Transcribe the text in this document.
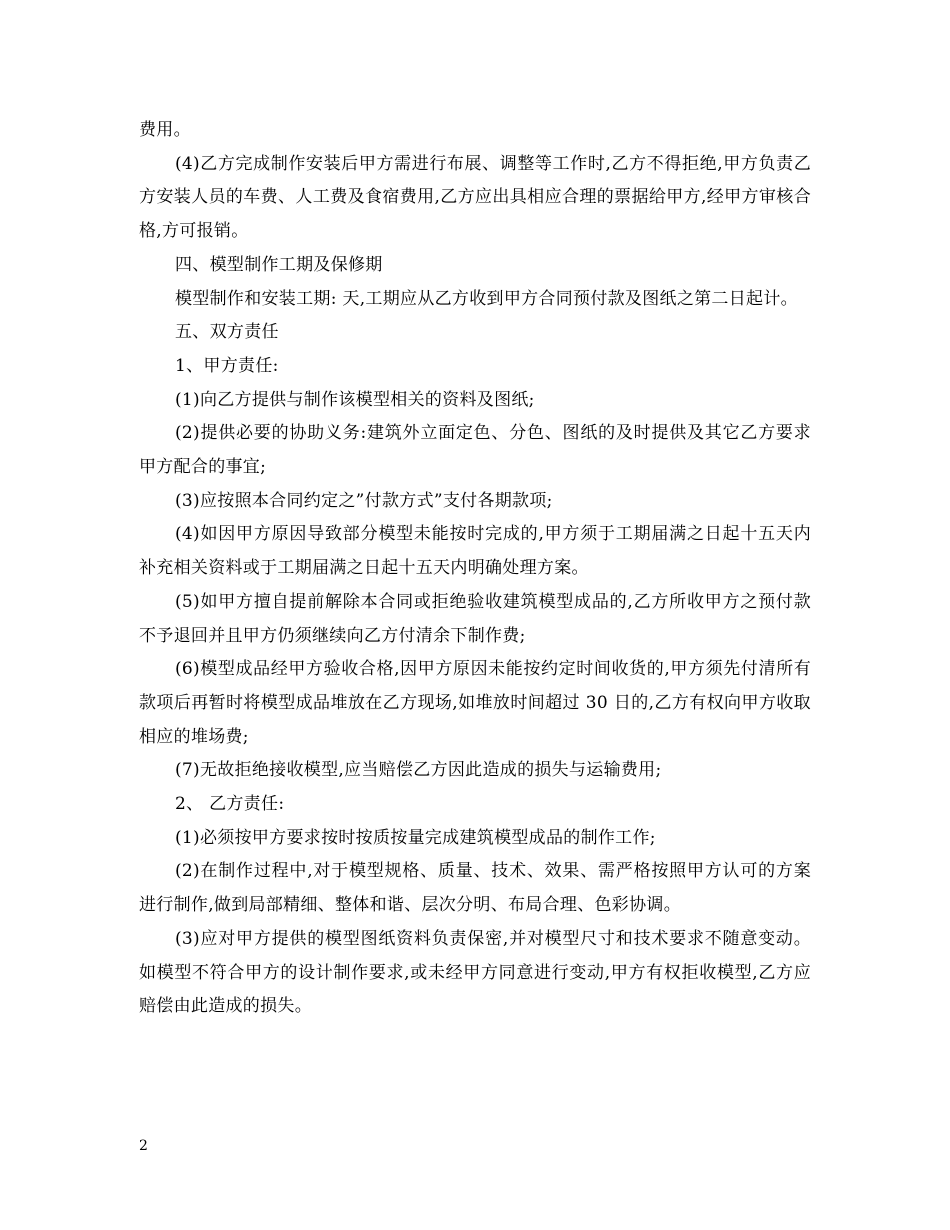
费用。

(4)乙方完成制作安装后甲方需进行布展、调整等工作时,乙方不得拒绝,甲方负责乙方安装人员的车费、人工费及食宿费用,乙方应出具相应合理的票据给甲方,经甲方审核合格,方可报销。

四、模型制作工期及保修期

模型制作和安装工期: 天,工期应从乙方收到甲方合同预付款及图纸之第二日起计。

五、双方责任

1、甲方责任:

(1)向乙方提供与制作该模型相关的资料及图纸;

(2)提供必要的协助义务:建筑外立面定色、分色、图纸的及时提供及其它乙方要求甲方配合的事宜;

(3)应按照本合同约定之”付款方式”支付各期款项;

(4)如因甲方原因导致部分模型未能按时完成的,甲方须于工期届满之日起十五天内补充相关资料或于工期届满之日起十五天内明确处理方案。

(5)如甲方擅自提前解除本合同或拒绝验收建筑模型成品的,乙方所收甲方之预付款不予退回并且甲方仍须继续向乙方付清余下制作费;

(6)模型成品经甲方验收合格,因甲方原因未能按约定时间收货的,甲方须先付清所有款项后再暂时将模型成品堆放在乙方现场,如堆放时间超过 30 日的,乙方有权向甲方收取相应的堆场费;

(7)无故拒绝接收模型,应当赔偿乙方因此造成的损失与运输费用;

2、 乙方责任:

(1)必须按甲方要求按时按质按量完成建筑模型成品的制作工作;

(2)在制作过程中,对于模型规格、质量、技术、效果、需严格按照甲方认可的方案进行制作,做到局部精细、整体和谐、层次分明、布局合理、色彩协调。

(3)应对甲方提供的模型图纸资料负责保密,并对模型尺寸和技术要求不随意变动。如模型不符合甲方的设计制作要求,或未经甲方同意进行变动,甲方有权拒收模型,乙方应赔偿由此造成的损失。

2
